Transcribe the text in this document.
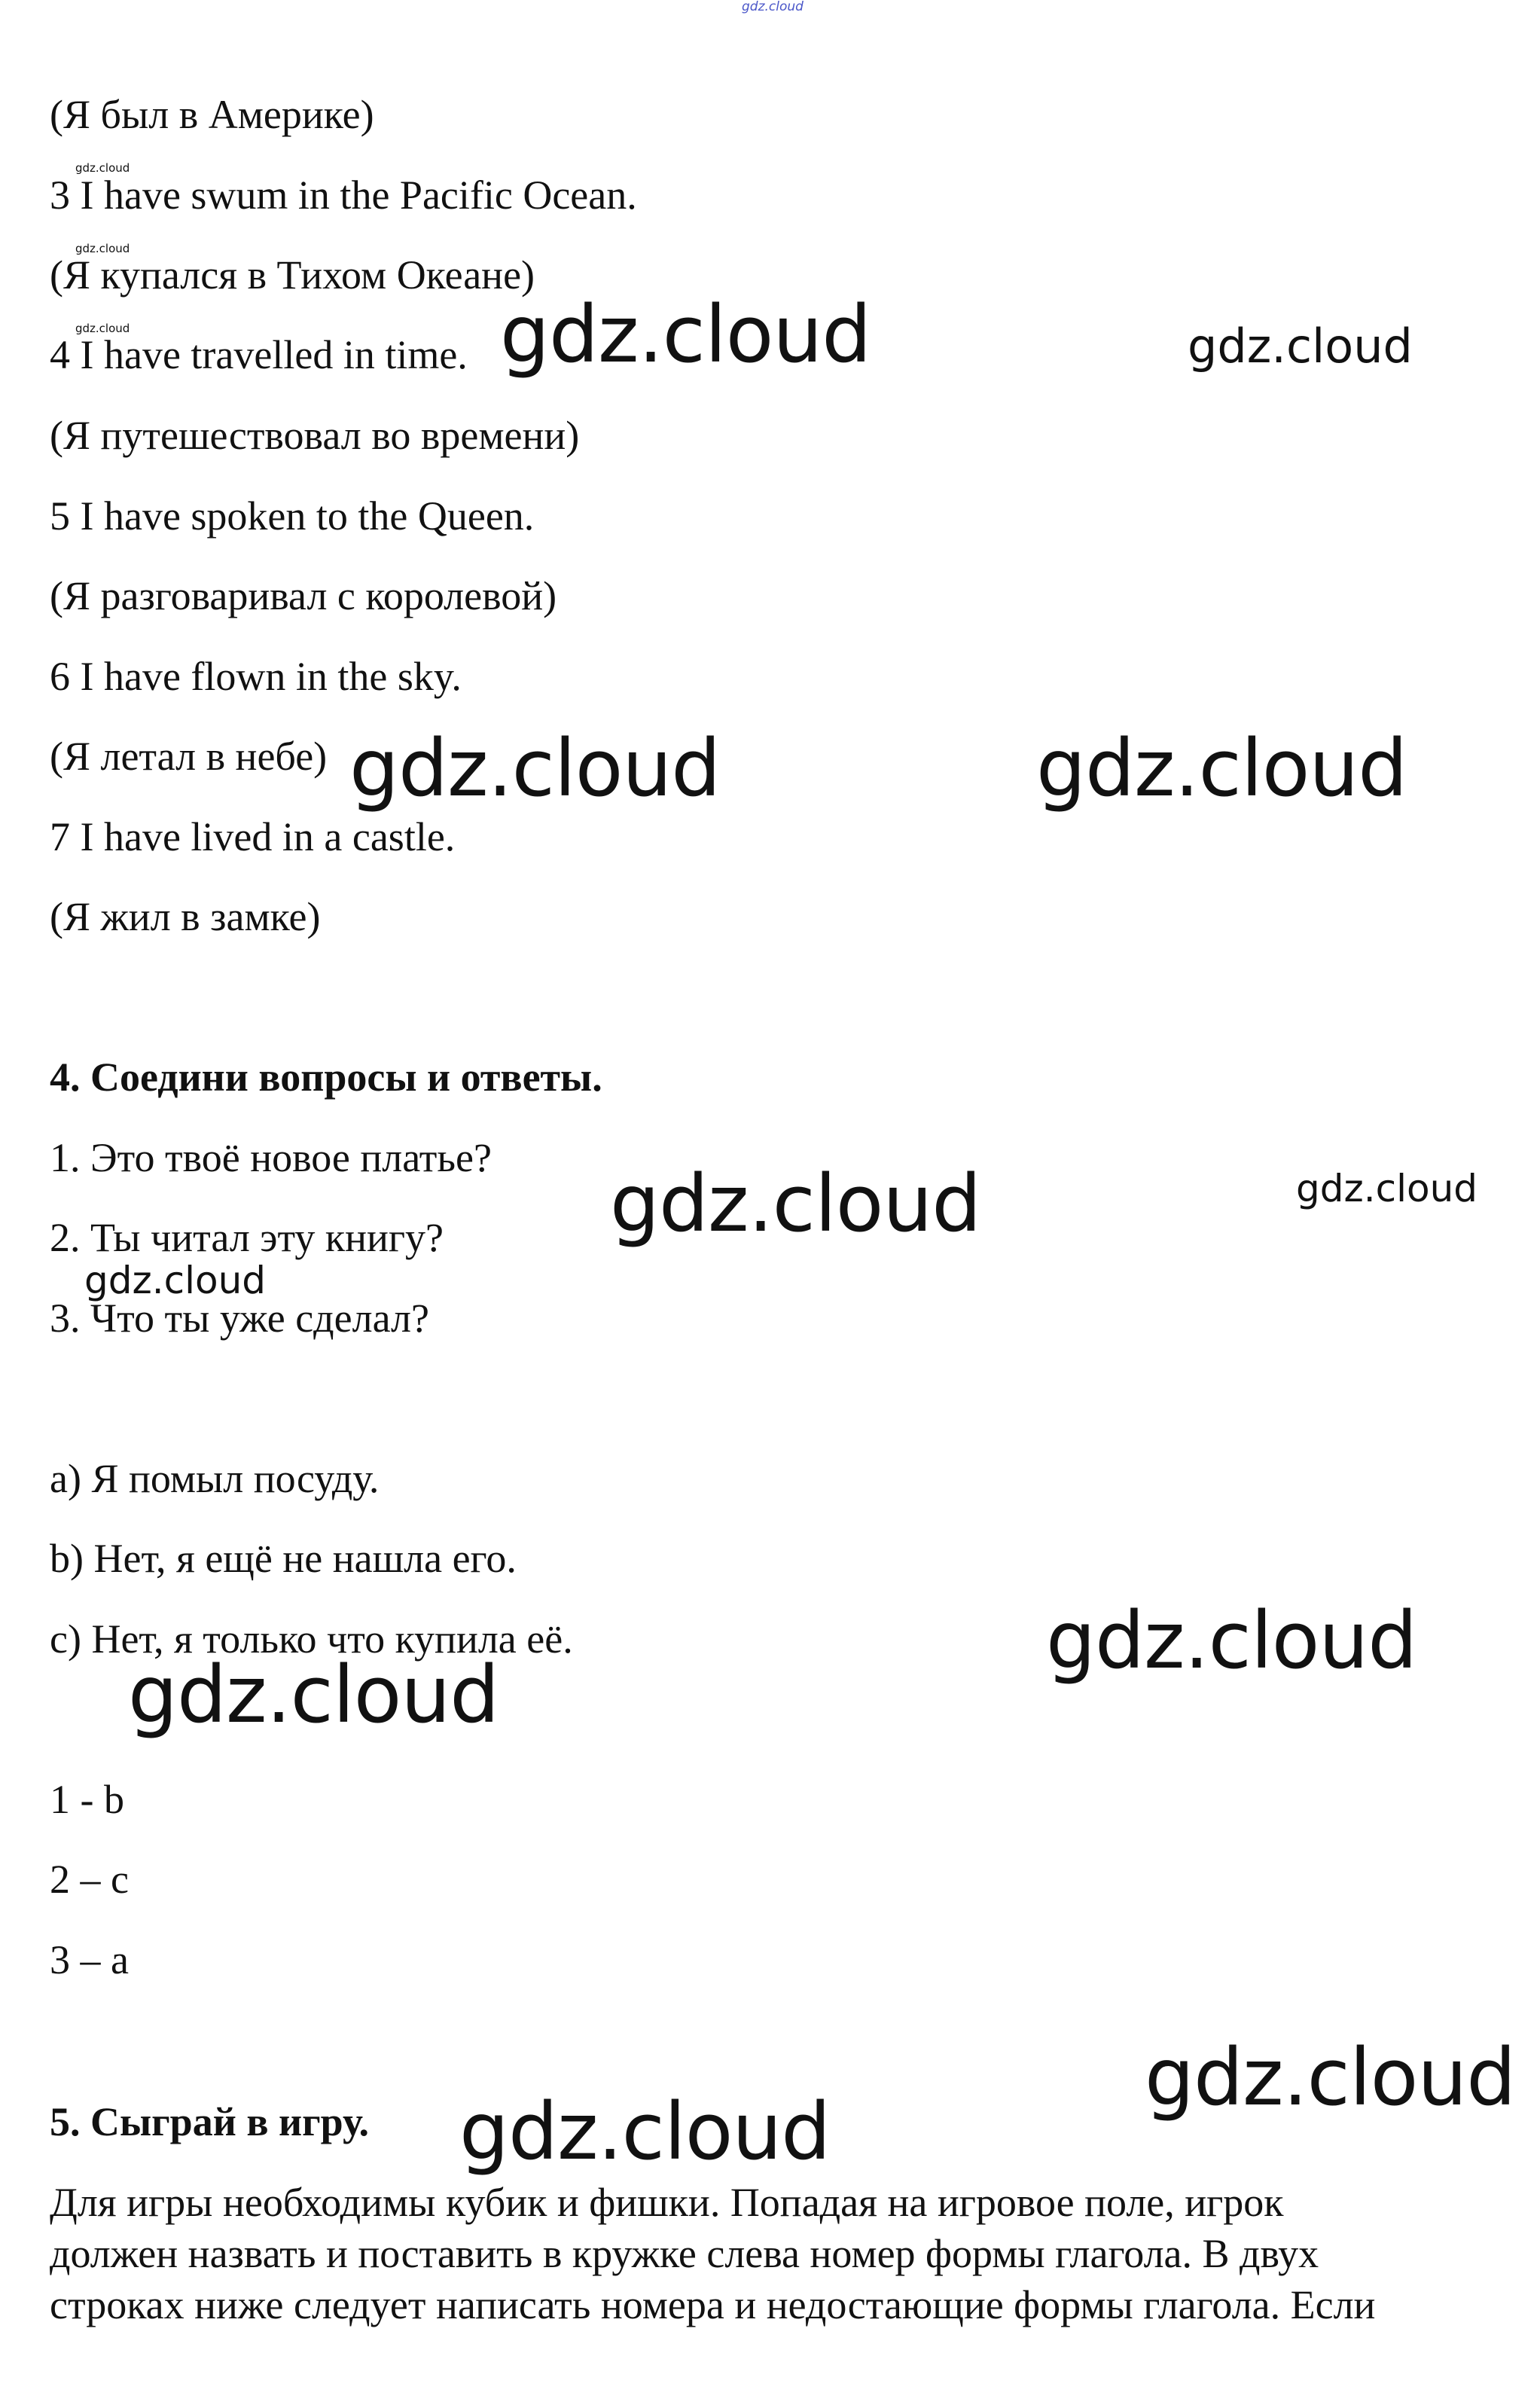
gdz.cloud
(Я был в Америке)
3 I have swum in the Pacific Ocean.
(Я купался в Тихом Океане)
4 I have travelled in time.
(Я путешествовал во времени)
5 I have spoken to the Queen.
(Я разговаривал с королевой)
6 I have flown in the sky.
(Я летал в небе)
7 I have lived in a castle.
(Я жил в замке)
4. Соедини вопросы и ответы.
1. Это твоё новое платье?
2. Ты читал эту книгу?
3. Что ты уже сделал?
a) Я помыл посуду.
b) Нет, я ещё не нашла его.
c) Нет, я только что купила её.
1 - b
2 – c
3 – a
5. Сыграй в игру.
Для игры необходимы кубик и фишки. Попадая на игровое поле, игрок
должен назвать и поставить в кружке слева номер формы глагола. В двух
строках ниже следует написать номера и недостающие формы глагола. Если
gdz.cloud
gdz.cloud
gdz.cloud	gdz.cloud	gdz.cloud
gdz.cloud	gdz.cloud
gdz.cloud	gdz.cloud
gdz.cloud
gdz.cloud
gdz.cloud
gdz.cloud
gdz.cloud
